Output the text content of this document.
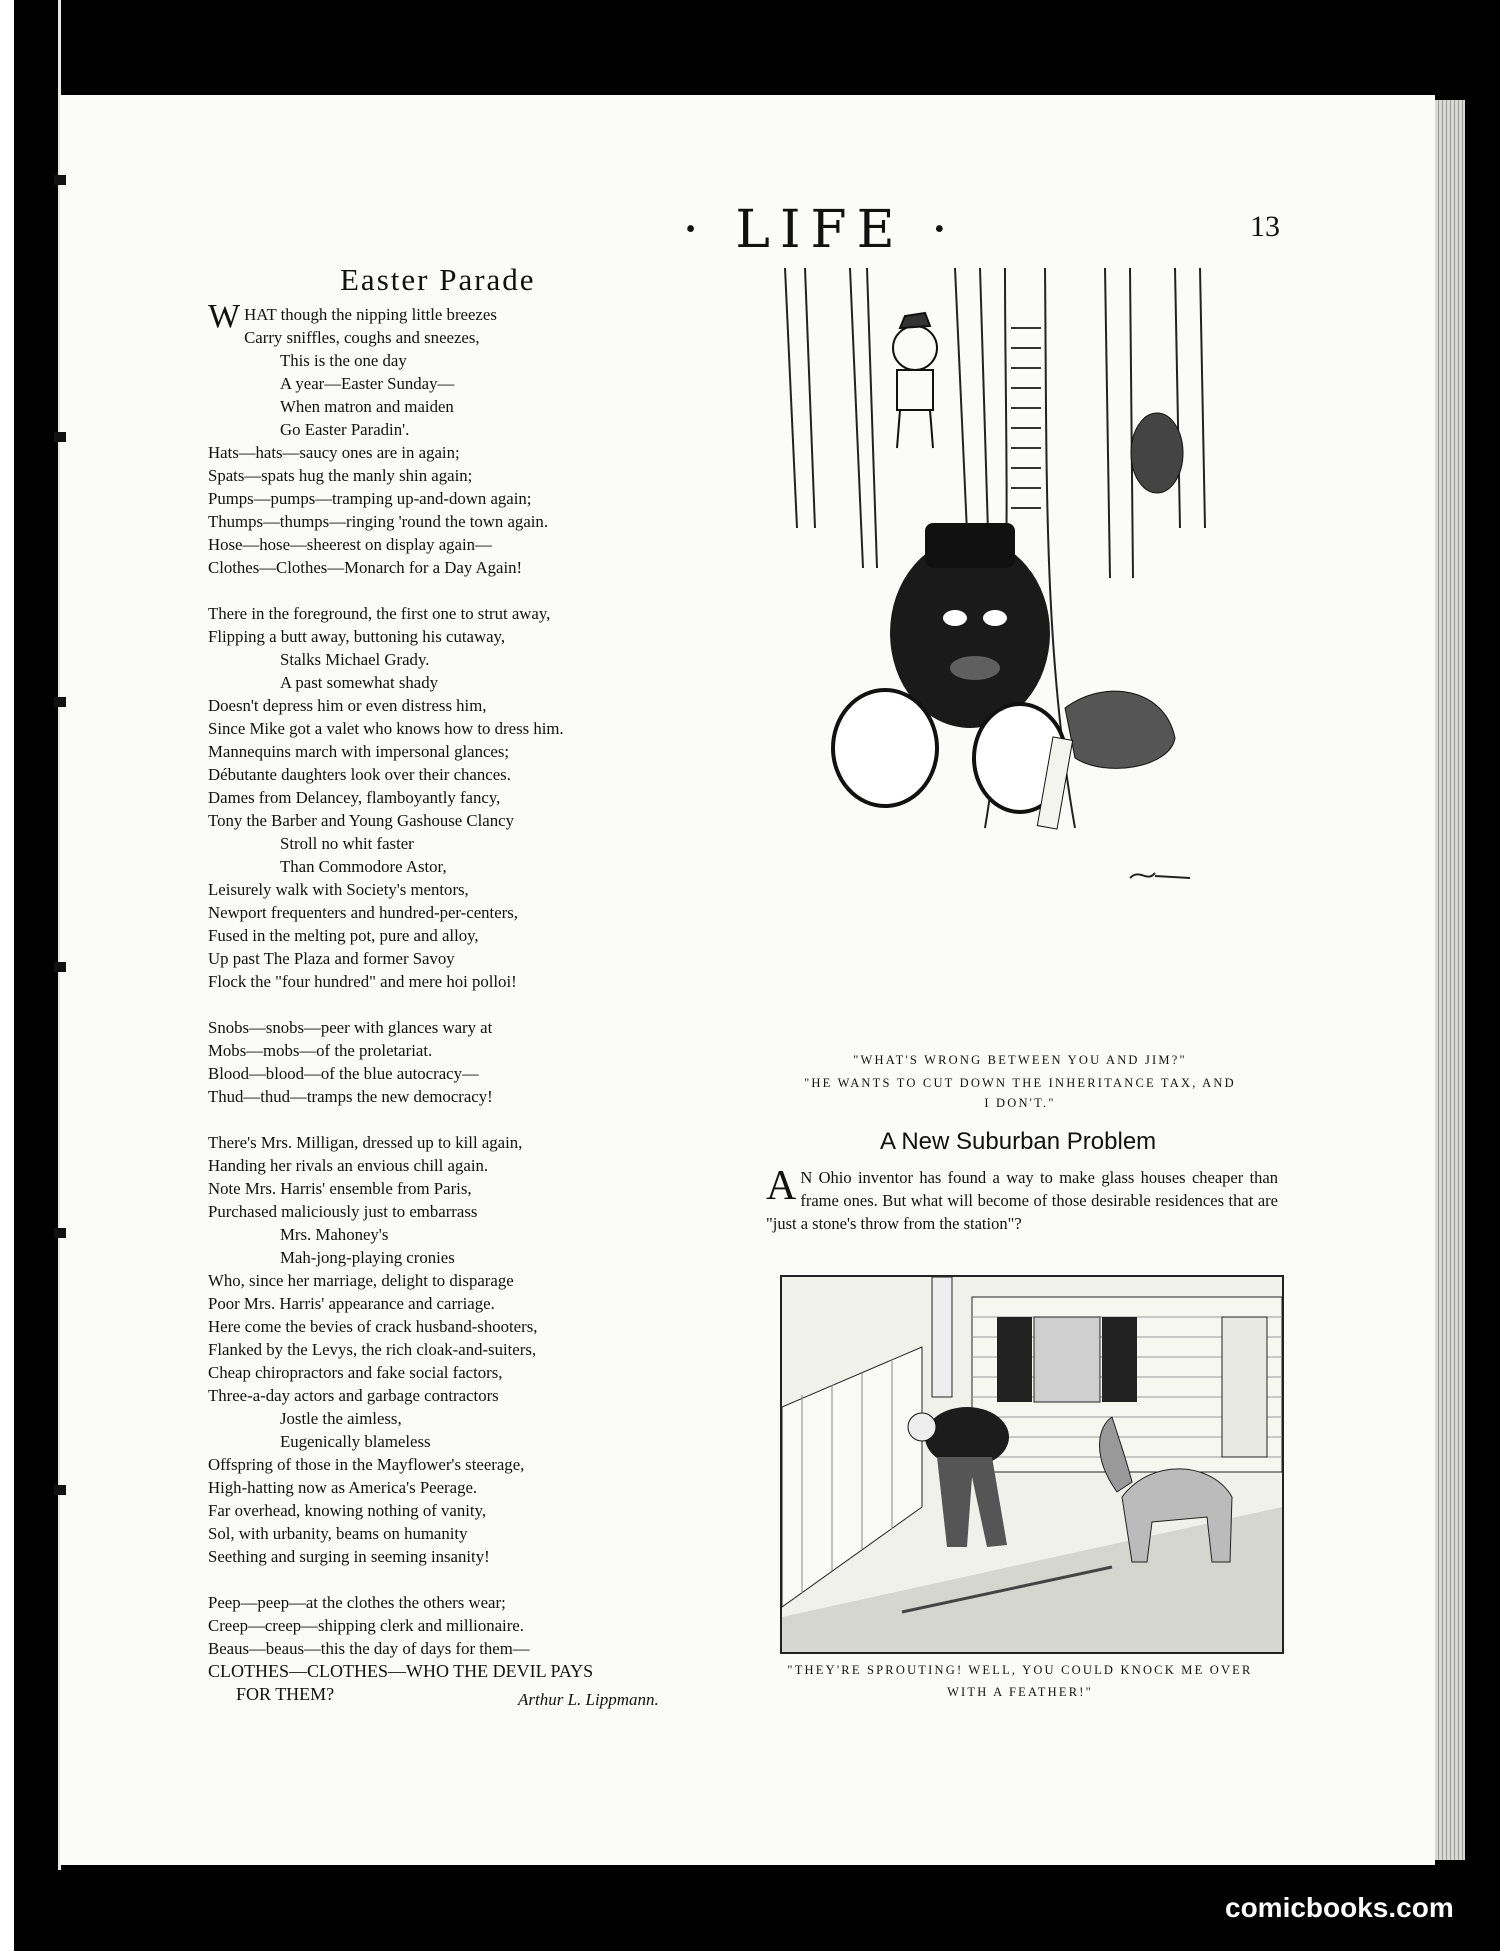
· LIFE ·	13
Easter Parade
WHAT though the nipping little breezes
Carry sniffles, coughs and sneezes,
This is the one day
A year—Easter Sunday—
When matron and maiden
Go Easter Paradin'.
Hats—hats—saucy ones are in again;
Spats—spats hug the manly shin again;
Pumps—pumps—tramping up-and-down again;
Thumps—thumps—ringing 'round the town again.
Hose—hose—sheerest on display again—
Clothes—Clothes—Monarch for a Day Again!
There in the foreground, the first one to strut away,
Flipping a butt away, buttoning his cutaway,
Stalks Michael Grady.
A past somewhat shady
Doesn't depress him or even distress him,
Since Mike got a valet who knows how to dress him.
Mannequins march with impersonal glances;
Débutante daughters look over their chances.
Dames from Delancey, flamboyantly fancy,
Tony the Barber and Young Gashouse Clancy
Stroll no whit faster
Than Commodore Astor,
Leisurely walk with Society's mentors,
Newport frequenters and hundred-per-centers,
Fused in the melting pot, pure and alloy,
Up past The Plaza and former Savoy
Flock the "four hundred" and mere hoi polloi!
Snobs—snobs—peer with glances wary at
Mobs—mobs—of the proletariat.
Blood—blood—of the blue autocracy—
Thud—thud—tramps the new democracy!
There's Mrs. Milligan, dressed up to kill again,
Handing her rivals an envious chill again.
Note Mrs. Harris' ensemble from Paris,
Purchased maliciously just to embarrass
Mrs. Mahoney's
Mah-jong-playing cronies
Who, since her marriage, delight to disparage
Poor Mrs. Harris' appearance and carriage.
Here come the bevies of crack husband-shooters,
Flanked by the Levys, the rich cloak-and-suiters,
Cheap chiropractors and fake social factors,
Three-a-day actors and garbage contractors
Jostle the aimless,
Eugenically blameless
Offspring of those in the Mayflower's steerage,
High-hatting now as America's Peerage.
Far overhead, knowing nothing of vanity,
Sol, with urbanity, beams on humanity
Seething and surging in seeming insanity!
Peep—peep—at the clothes the others wear;
Creep—creep—shipping clerk and millionaire.
Beaus—beaus—this the day of days for them—
CLOTHES—CLOTHES—WHO THE DEVIL PAYS
FOR THEM?	Arthur L. Lippmann.
"WHAT'S WRONG BETWEEN YOU AND JIM?"
"HE WANTS TO CUT DOWN THE INHERITANCE TAX, AND
I DON'T."
A New Suburban Problem
A N Ohio inventor has found a way to make glass houses cheaper than frame ones. But what will become of those desirable residences that are "just a stone's throw from the station"?
"THEY'RE SPROUTING! WELL, YOU COULD KNOCK ME OVER
WITH A FEATHER!"
comicbooks.com
